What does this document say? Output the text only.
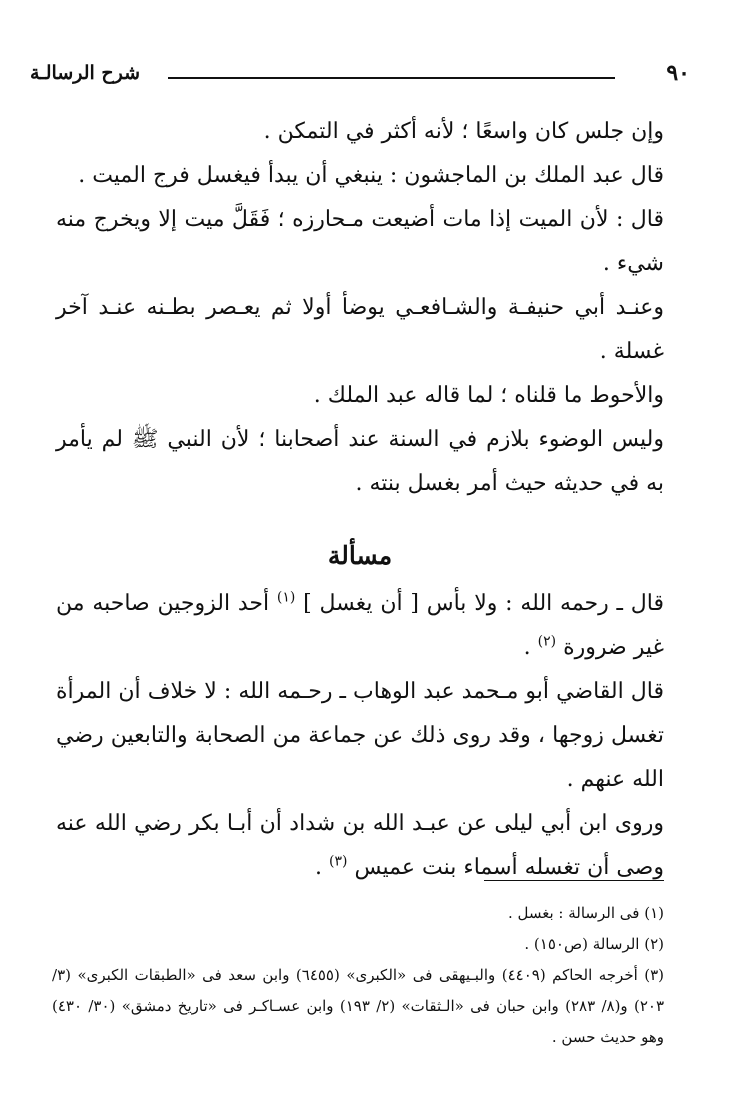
٩٠
شرح الرسالـة

وإن جلس كان واسعًا ؛ لأنه أكثر في التمكن .

قال عبد الملك بن الماجشون : ينبغي أن يبدأ فيغسل فرج الميت .

قال : لأن الميت إذا مات أضيعت مـحارزه ؛ فَقَلَّ ميت إلا ويخرج منه شيء .

وعنـد أبي حنيفـة والشـافعـي يوضأ أولا ثم يعـصر بطـنه عنـد آخر غسلة .

والأحوط ما قلناه ؛ لما قاله عبد الملك .

وليس الوضوء بلازم في السنة عند أصحابنا ؛ لأن النبي ﷺ لم يأمر به في حديثه حيث أمر بغسل بنته .

مسألة

قال ـ رحمه الله : ولا بأس [ أن يغسل ] $^{(١)}$ أحد الزوجين صاحبه من غير ضرورة $^{(٢)}$ .

قال القاضي أبو مـحمد عبد الوهاب ـ رحـمه الله : لا خلاف أن المرأة تغسل زوجها ، وقد روى ذلك عن جماعة من الصحابة والتابعين رضي الله عنهم .

وروى ابن أبي ليلى عن عبـد الله بن شداد أن أبـا بكر رضي الله عنه وصى أن تغسله أسماء بنت عميس $^{(٣)}$ .

(١) فى الرسالة : بغسل .

(٢) الرسالة (ص١٥٠) .

(٣) أخرجه الحاكم (٤٤٠٩) والبـيهقى فى «الكبرى» (٦٤٥٥) وابن سعد فى «الطبقات الكبرى» (٣/ ٢٠٣) و(٨/ ٢٨٣) وابن حبان فى «الـثقات» (٢/ ١٩٣) وابن عسـاكـر فى «تاريخ دمشق» (٣٠/ ٤٣٠) وهو حديث حسن .
